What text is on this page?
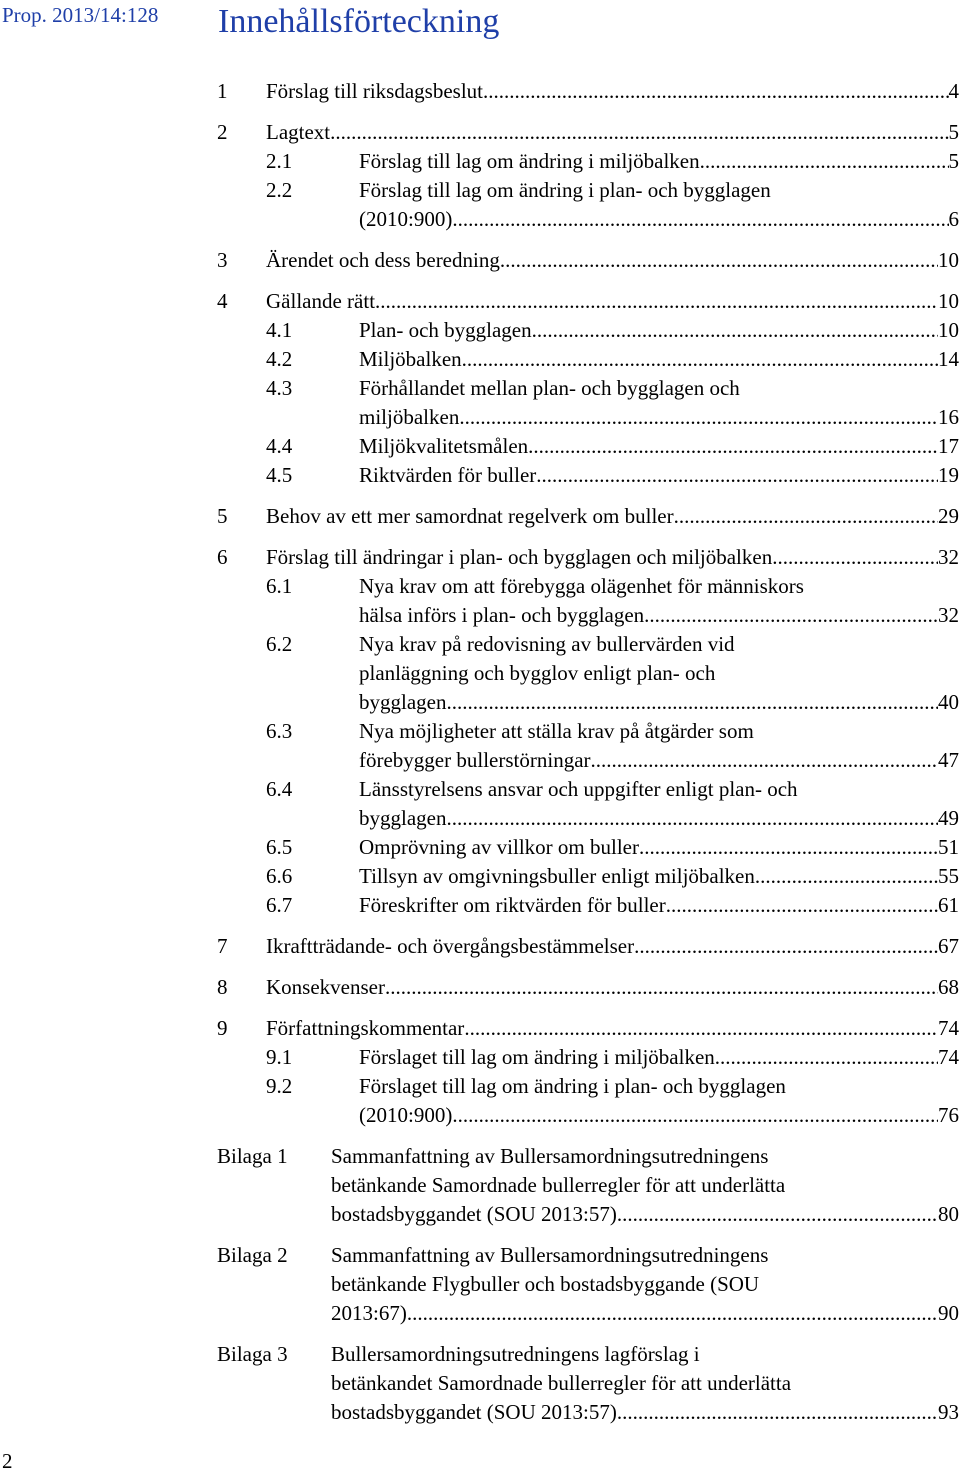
Prop. 2013/14:128 Innehållsförteckning
1	Förslag till riksdagsbeslut .....	4
2	Lagtext .....	5
2.1	Förslag till lag om ändring i miljöbalken .....	5
2.2	Förslag till lag om ändring i plan- och bygglagen
(2010:900) .....	6
3	Ärendet och dess beredning .....	10
4	Gällande rätt .....	10
4.1	Plan- och bygglagen .....	10
4.2	Miljöbalken .....	14
4.3	Förhållandet mellan plan- och bygglagen och
miljöbalken .....	16
4.4	Miljökvalitetsmålen .....	17
4.5	Riktvärden för buller .....	19
5	Behov av ett mer samordnat regelverk om buller .....	29
6	Förslag till ändringar i plan- och bygglagen och miljöbalken .....	32
6.1	Nya krav om att förebygga olägenhet för människors
hälsa införs i plan- och bygglagen .....	32
6.2	Nya krav på redovisning av bullervärden vid
planläggning och bygglov enligt plan- och
bygglagen .....	40
6.3	Nya möjligheter att ställa krav på åtgärder som
förebygger bullerstörningar .....	47
6.4	Länsstyrelsens ansvar och uppgifter enligt plan- och
bygglagen .....	49
6.5	Omprövning av villkor om buller .....	51
6.6	Tillsyn av omgivningsbuller enligt miljöbalken .....	55
6.7	Föreskrifter om riktvärden för buller .....	61
7	Ikraftträdande- och övergångsbestämmelser .....	67
8	Konsekvenser .....	68
9	Författningskommentar .....	74
9.1	Förslaget till lag om ändring i miljöbalken .....	74
9.2	Förslaget till lag om ändring i plan- och bygglagen
(2010:900) .....	76
Bilaga 1	Sammanfattning av Bullersamordningsutredningens
betänkande Samordnade bullerregler för att underlätta
bostadsbyggandet (SOU 2013:57) .....	80
Bilaga 2	Sammanfattning av Bullersamordningsutredningens
betänkande Flygbuller och bostadsbyggande (SOU
2013:67) .....	90
Bilaga 3	Bullersamordningsutredningens lagförslag i
betänkandet Samordnade bullerregler för att underlätta
bostadsbyggandet (SOU 2013:57) .....	93
2
